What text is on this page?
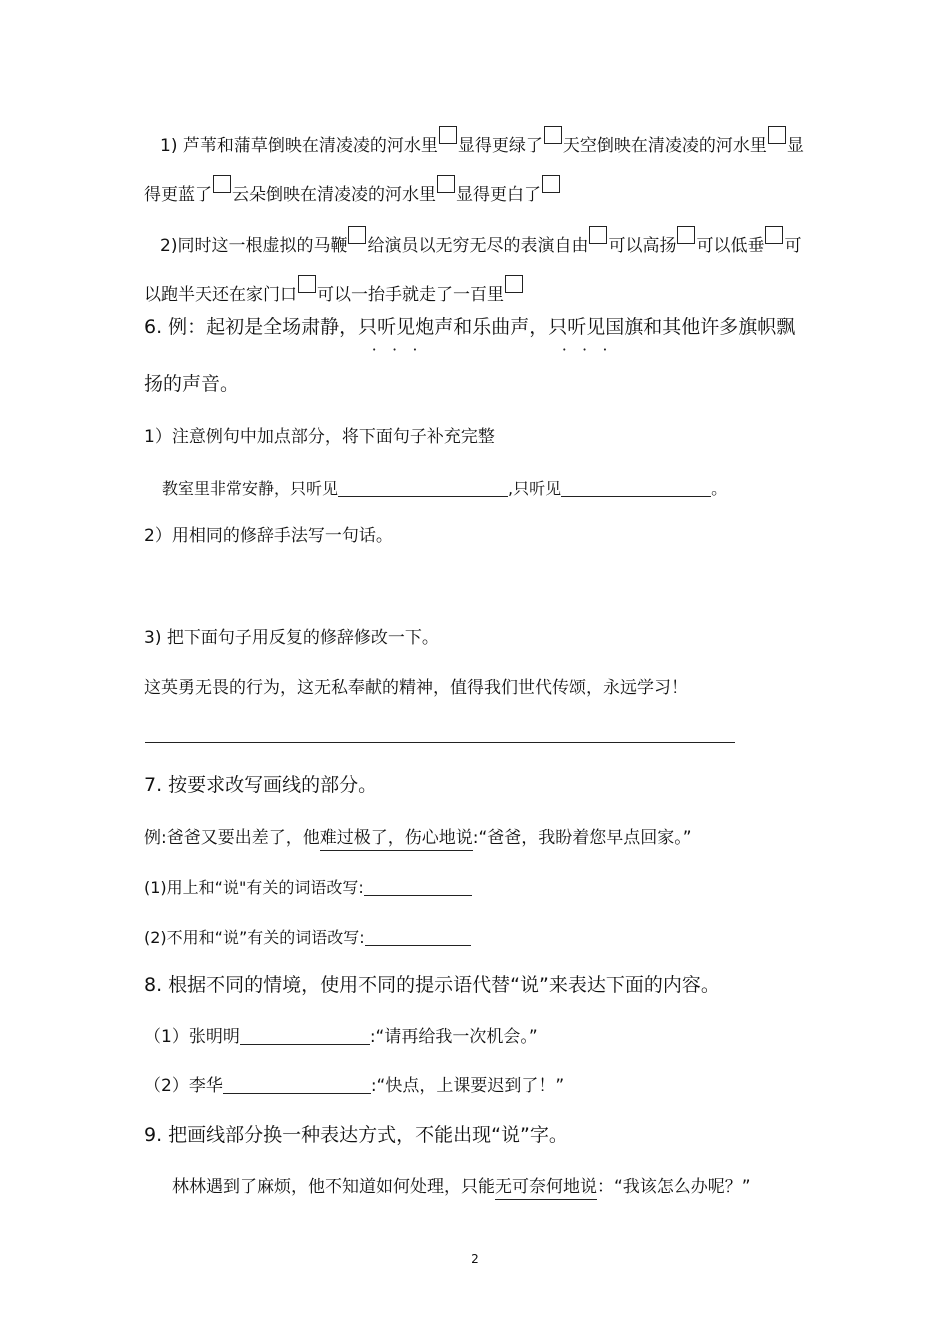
1) 芦苇和蒲草倒映在清凌凌的河水里 显得更绿了 天空倒映在清凌凌的河水里 显
得更蓝了 云朵倒映在清凌凌的河水里 显得更白了
2)同时这一根虚拟的马鞭 给演员以无穷无尽的表演自由 可以高扬 可以低垂 可
以跑半天还在家门口 可以一抬手就走了一百里
6. 例：起初是全场肃静，只听见 • • •炮声和乐曲声，只听见 • • •国旗和其他许多旗帜飘
扬的声音。
1）注意例句中加点部分，将下面句子补充完整
教室里非常安静，只听见	,只听见	。
2）用相同的修辞手法写一句话。
3) 把下面句子用反复的修辞修改一下。
这英勇无畏的行为，这无私奉献的精神，值得我们世代传颂，永远学习！
7. 按要求改写画线的部分。
例:爸爸又要出差了，他难过极了，伤心地说:“爸爸，我盼着您早点回家。”
(1)用上和“说"有关的词语改写:
(2)不用和“说”有关的词语改写:
8. 根据不同的情境，使用不同的提示语代替“说”来表达下面的内容。
（1）张明明	:“请再给我一次机会。”
（2）李华	:“快点，上课要迟到了！”
9. 把画线部分换一种表达方式，不能出现“说”字。
林林遇到了麻烦，他不知道如何处理，只能无可奈何地说：“我该怎么办呢？”
2
